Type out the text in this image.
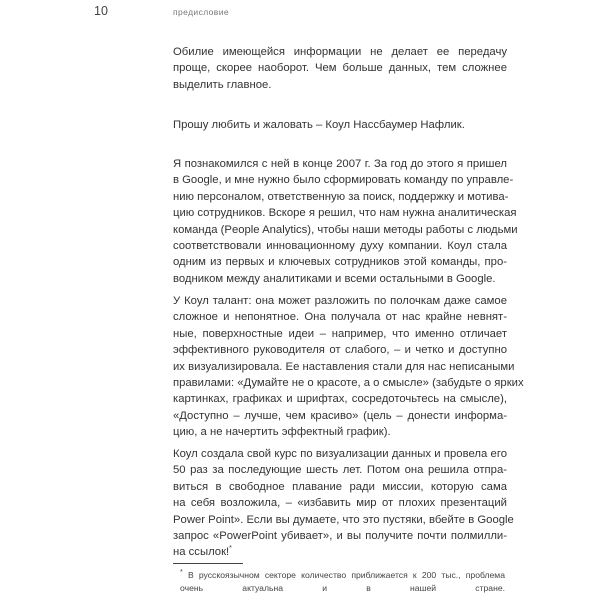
10	предисловие
Обилие имеющейся информации не делает ее передачу
проще, скорее наоборот. Чем больше данных, тем сложнее
выделить главное.
Прошу любить и жаловать – Коул Нассбаумер Нафлик.
Я познакомился с ней в конце 2007 г. За год до этого я пришел
в Google, и мне нужно было сформировать команду по управле-
нию персоналом, ответственную за поиск, поддержку и мотива-
цию сотрудников. Вскоре я решил, что нам нужна аналитическая
команда (People Analytics), чтобы наши методы работы с людьми
соответствовали инновационному духу компании. Коул стала
одним из первых и ключевых сотрудников этой команды, про-
водником между аналитиками и всеми остальными в Google.
У Коул талант: она может разложить по полочкам даже самое
сложное и непонятное. Она получала от нас крайне невнят-
ные, поверхностные идеи – например, что именно отличает
эффективного руководителя от слабого, – и четко и доступно
их визуализировала. Ее наставления стали для нас неписаными
правилами: «Думайте не о красоте, а о смысле» (забудьте о ярких
картинках, графиках и шрифтах, сосредоточьтесь на смысле),
«Доступно – лучше, чем красиво» (цель – донести информа-
цию, а не начертить эффектный график).
Коул создала свой курс по визуализации данных и провела его
50 раз за последующие шесть лет. Потом она решила отпра-
виться в свободное плавание ради миссии, которую сама
на себя возложила, – «избавить мир от плохих презентаций
Power Point». Если вы думаете, что это пустяки, вбейте в Google
запрос «PowerPoint убивает», и вы получите почти полмилли-
на ссылок!*
* В русскоязычном секторе количество приближается к 200 тыс., проблема
очень актуальна и в нашей стране.
